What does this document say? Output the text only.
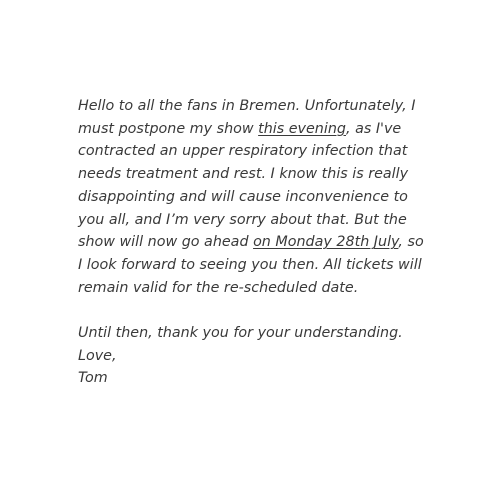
Hello to all the fans in Bremen. Unfortunately, I
must postpone my show this evening, as I've
contracted an upper respiratory infection that
needs treatment and rest. I know this is really
disappointing and will cause inconvenience to
you all, and I’m very sorry about that. But the
show will now go ahead on Monday 28th July, so
I look forward to seeing you then. All tickets will
remain valid for the re-scheduled date.
Until then, thank you for your understanding.
Love,
Tom
